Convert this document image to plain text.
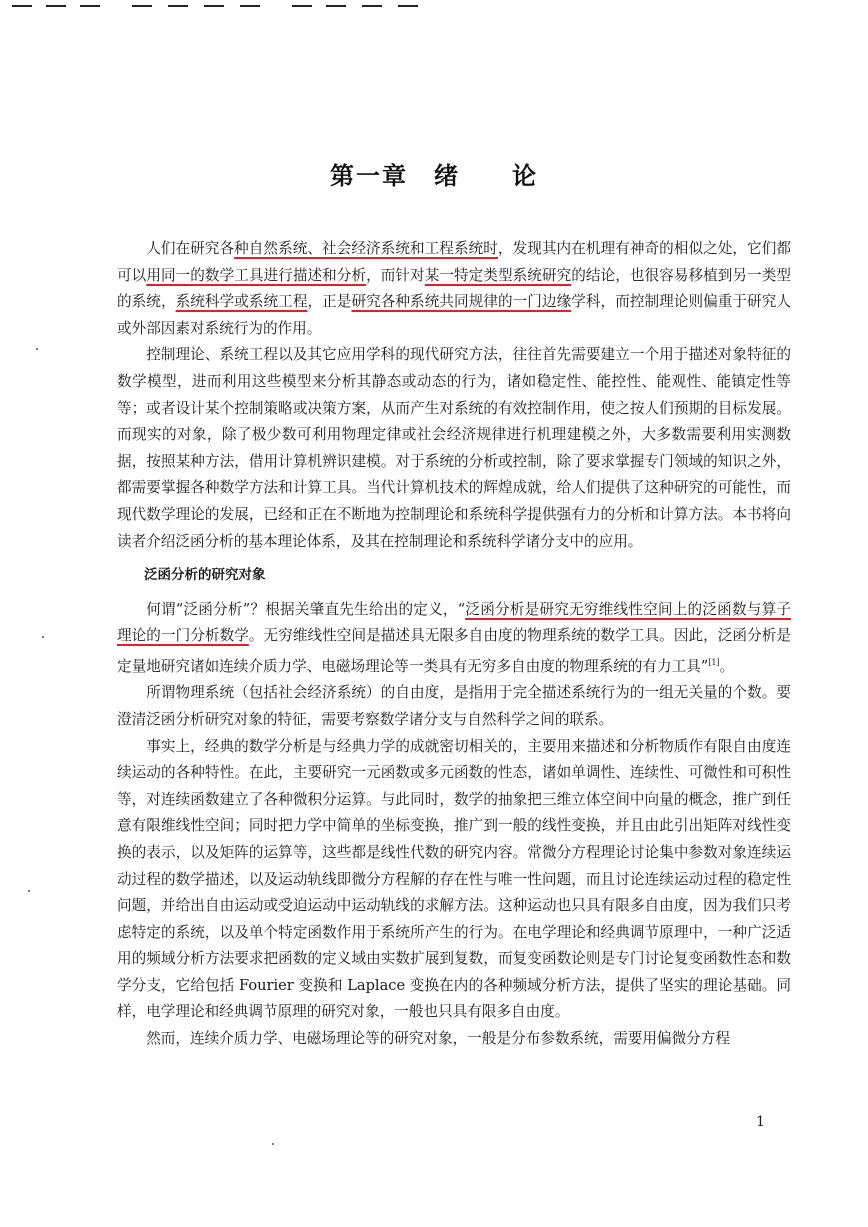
第一章　绪　　论

人们在研究各种自然系统、社会经济系统和工程系统时，发现其内在机理有神奇的相似之处，它们都可以用同一的数学工具进行描述和分析，而针对某一特定类型系统研究的结论，也很容易移植到另一类型的系统，系统科学或系统工程，正是研究各种系统共同规律的一门边缘学科，而控制理论则偏重于研究人或外部因素对系统行为的作用。

控制理论、系统工程以及其它应用学科的现代研究方法，往往首先需要建立一个用于描述对象特征的数学模型，进而利用这些模型来分析其静态或动态的行为，诸如稳定性、能控性、能观性、能镇定性等等；或者设计某个控制策略或决策方案，从而产生对系统的有效控制作用，使之按人们预期的目标发展。而现实的对象，除了极少数可利用物理定律或社会经济规律进行机理建模之外，大多数需要利用实测数据，按照某种方法，借用计算机辨识建模。对于系统的分析或控制，除了要求掌握专门领域的知识之外，都需要掌握各种数学方法和计算工具。当代计算机技术的辉煌成就，给人们提供了这种研究的可能性，而现代数学理论的发展，已经和正在不断地为控制理论和系统科学提供强有力的分析和计算方法。本书将向读者介绍泛函分析的基本理论体系，及其在控制理论和系统科学诸分支中的应用。

泛函分析的研究对象

何谓“泛函分析”？根据关肇直先生给出的定义，“泛函分析是研究无穷维线性空间上的泛函数与算子理论的一门分析数学。无穷维线性空间是描述具无限多自由度的物理系统的数学工具。因此，泛函分析是定量地研究诸如连续介质力学、电磁场理论等一类具有无穷多自由度的物理系统的有力工具”[1]。

所谓物理系统（包括社会经济系统）的自由度，是指用于完全描述系统行为的一组无关量的个数。要澄清泛函分析研究对象的特征，需要考察数学诸分支与自然科学之间的联系。

事实上，经典的数学分析是与经典力学的成就密切相关的，主要用来描述和分析物质作有限自由度连续运动的各种特性。在此，主要研究一元函数或多元函数的性态，诸如单调性、连续性、可微性和可积性等，对连续函数建立了各种微积分运算。与此同时，数学的抽象把三维立体空间中向量的概念，推广到任意有限维线性空间；同时把力学中简单的坐标变换，推广到一般的线性变换，并且由此引出矩阵对线性变换的表示，以及矩阵的运算等，这些都是线性代数的研究内容。常微分方程理论讨论集中参数对象连续运动过程的数学描述，以及运动轨线即微分方程解的存在性与唯一性问题，而且讨论连续运动过程的稳定性问题，并给出自由运动或受迫运动中运动轨线的求解方法。这种运动也只具有限多自由度，因为我们只考虑特定的系统，以及单个特定函数作用于系统所产生的行为。在电学理论和经典调节原理中，一种广泛适用的频域分析方法要求把函数的定义域由实数扩展到复数，而复变函数论则是专门讨论复变函数性态和数学分支，它给包括 Fourier 变换和 Laplace 变换在内的各种频域分析方法，提供了坚实的理论基础。同样，电学理论和经典调节原理的研究对象，一般也只具有限多自由度。

然而，连续介质力学、电磁场理论等的研究对象，一般是分布参数系统，需要用偏微分方程

1
